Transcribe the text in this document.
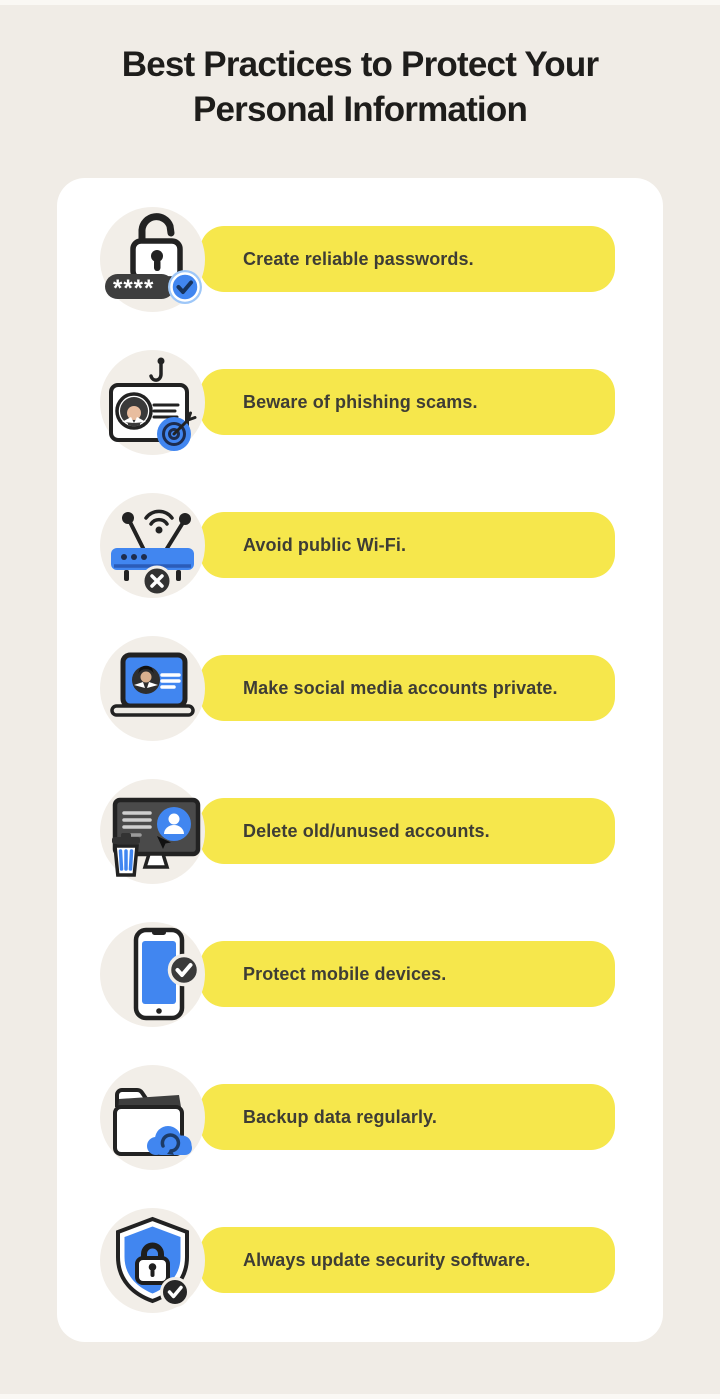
Best Practices to Protect Your
Personal Information
****
Create reliable passwords.
Beware of phishing scams.
Avoid public Wi-Fi.
Make social media accounts private.
Delete old/unused accounts.
Protect mobile devices.
Backup data regularly.
Always update security software.
